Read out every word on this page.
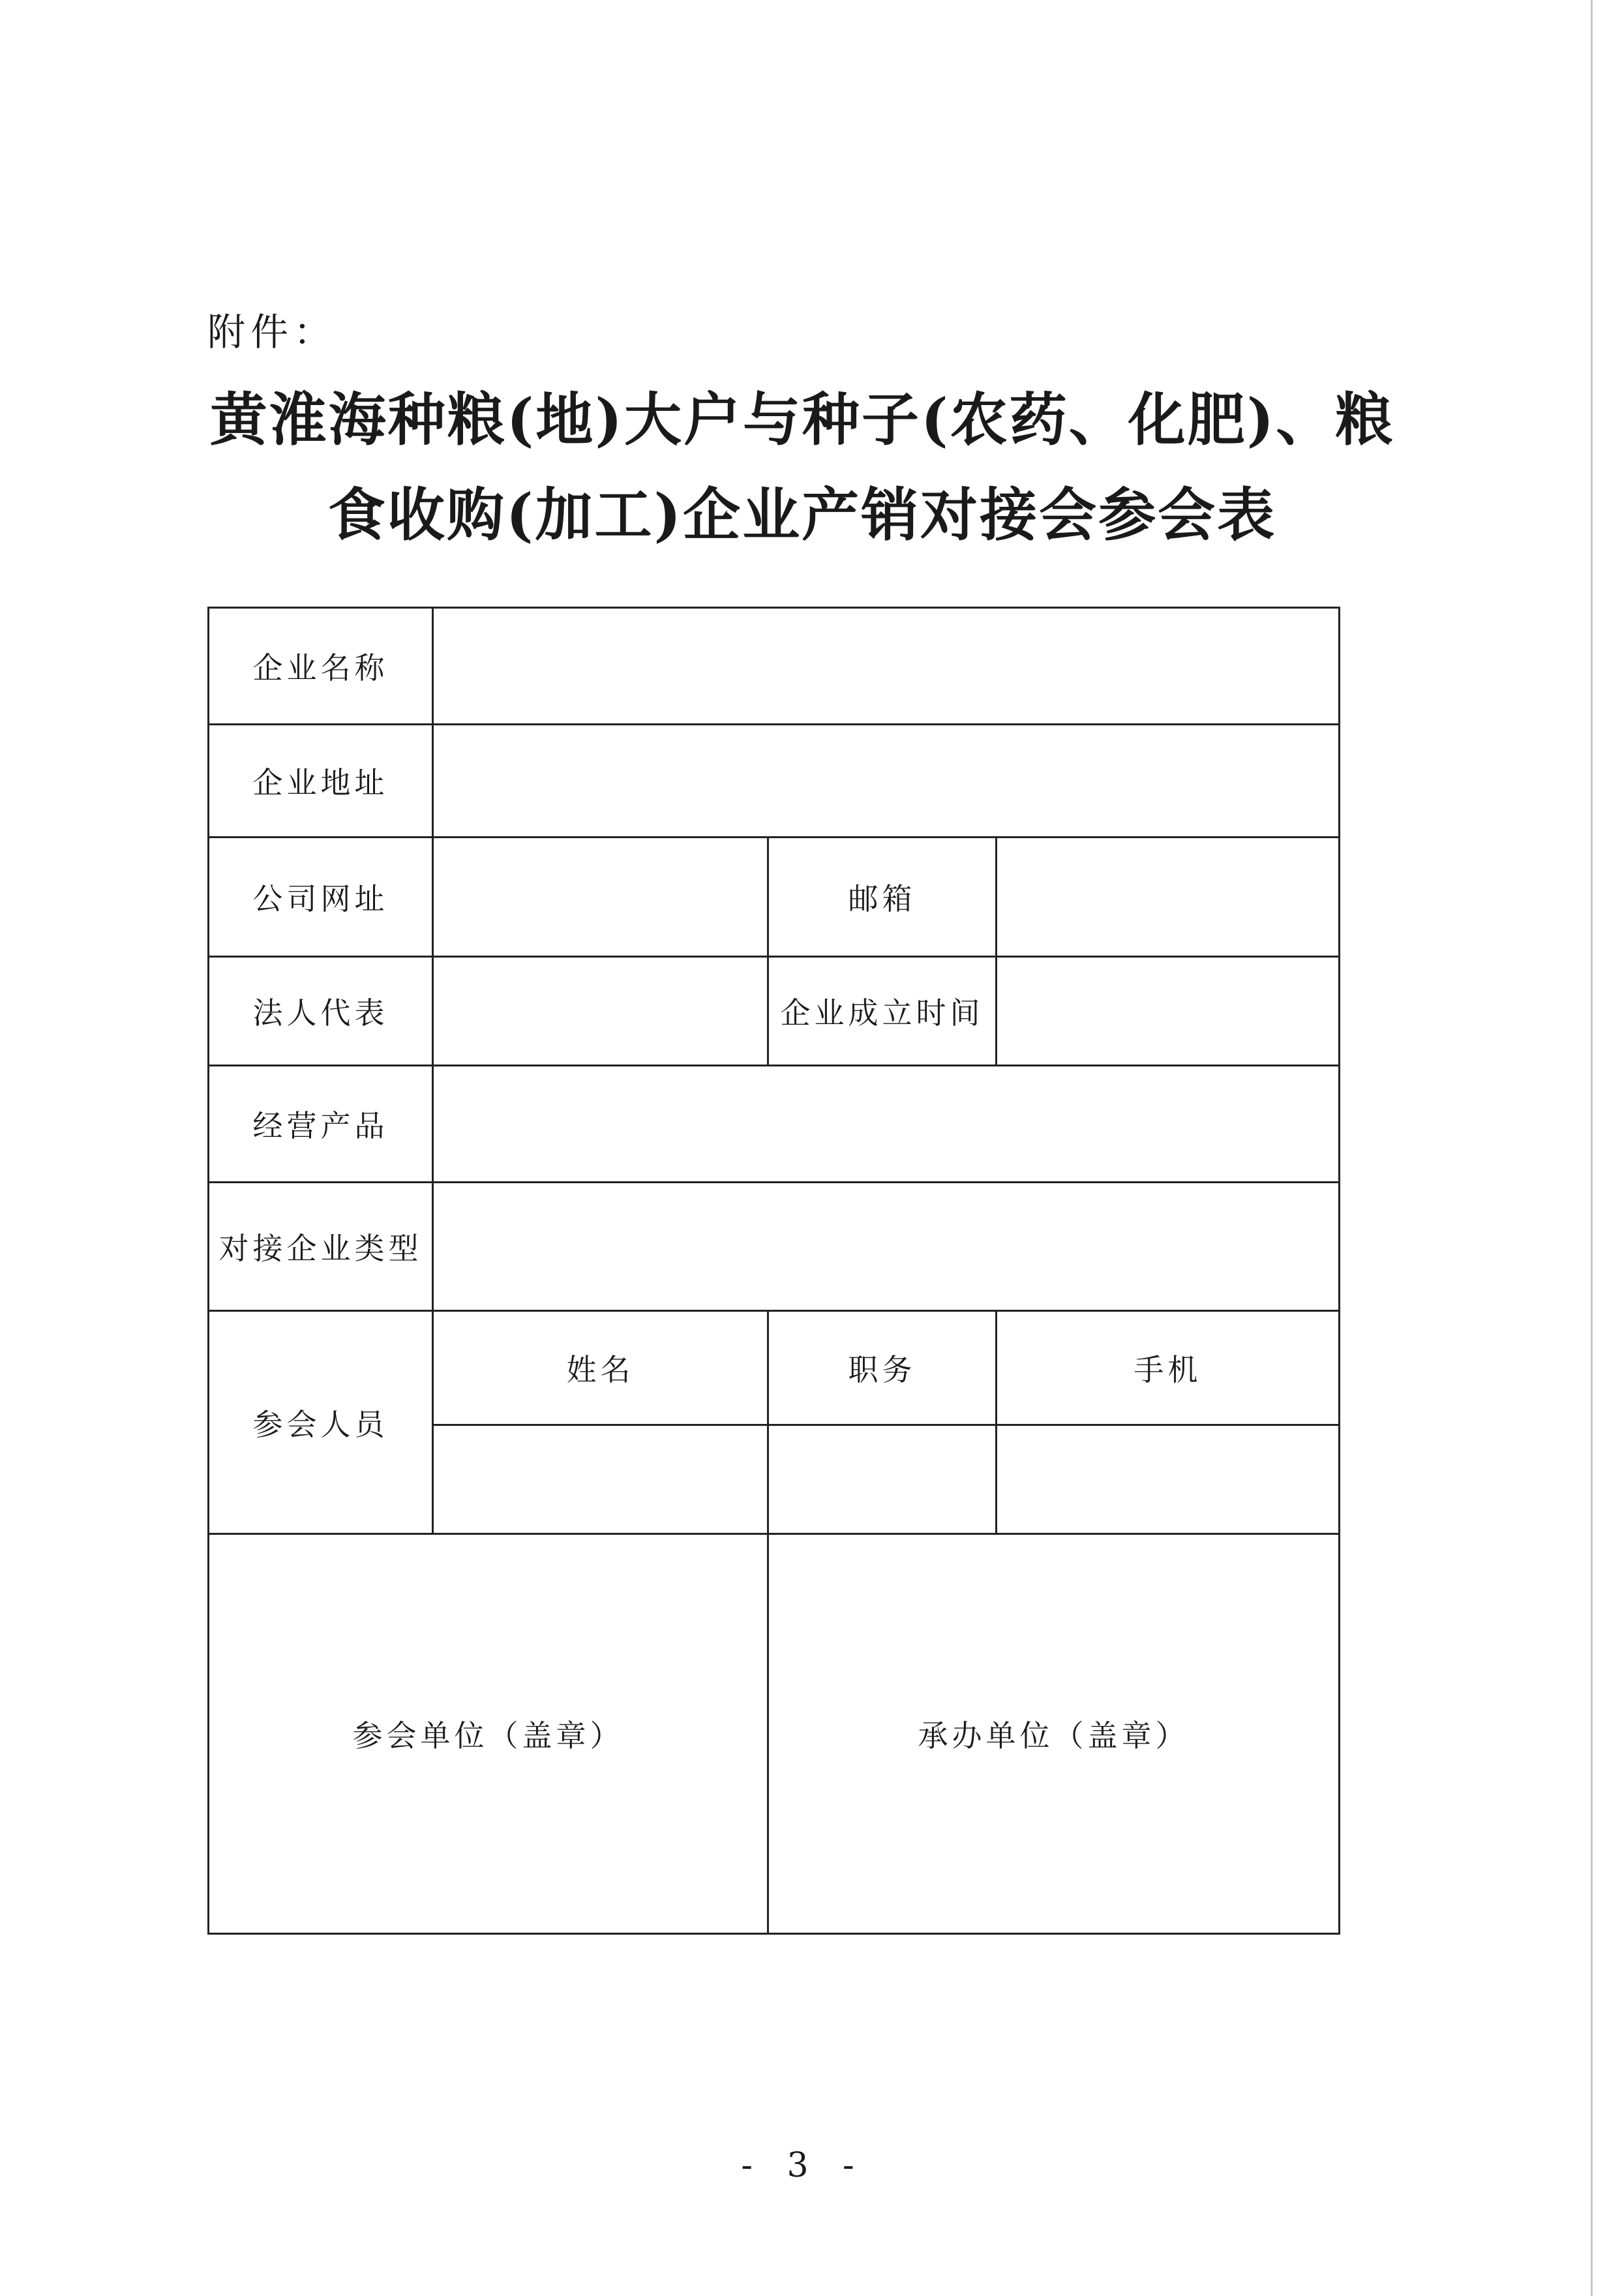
附件：
黄淮海种粮(地)大户与种子(农药、化肥)、粮
食收购(加工)企业产销对接会参会表
企业名称			
企业地址			
公司网址		邮箱	
法人代表		企业成立时间	
经营产品			
对接企业类型			
参会人员	姓名	职务	手机

参会单位（盖章）		承办单位（盖章）	
- 3 -
